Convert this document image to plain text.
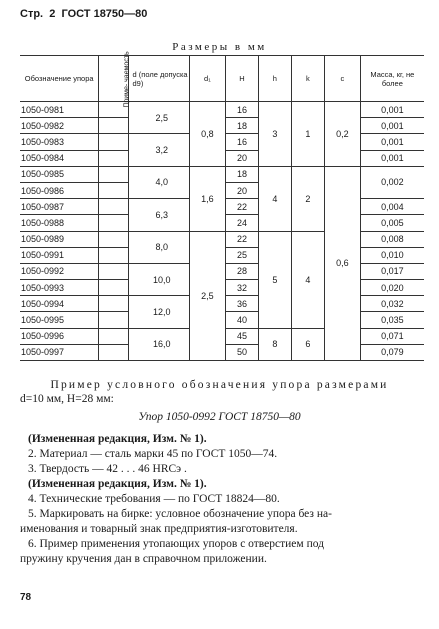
Стр. 2 ГОСТ 18750—80
Размеры в мм
Обозначение упора	Приме- чаемость	d (поле допуска d9)	d₁	H	h	k	c	Масса, кг, не более
1050-0981		2,5	0,8	16	3	1	0,2	0,001
1050-0982				18				0,001
1050-0983		3,2		16				0,001
1050-0984				20				0,001
1050-0985		4,0	1,6	18	4	2	0,6	0,002
1050-0986				20				
1050-0987		6,3		22				0,004
1050-0988				24				0,005
1050-0989		8,0	2,5	22	5	4		0,008
1050-0991				25				0,010
1050-0992		10,0		28				0,017
1050-0993				32				0,020
1050-0994		12,0		36				0,032
1050-0995				40				0,035
1050-0996		16,0		45	8	6		0,071
1050-0997				50				0,079
Пример условного обозначения упора размерами
d=10 мм, H=28 мм:
Упор 1050-0992 ГОСТ 18750—80
(Измененная редакция, Изм. № 1).
2. Материал — сталь марки 45 по ГОСТ 1050—74.
3. Твердость — 42 . . . 46 HRCэ .
(Измененная редакция, Изм. № 1).
4. Технические требования — по ГОСТ 18824—80.
5. Маркировать на бирке: условное обозначение упора без на-
именования и товарный знак предприятия-изготовителя.
6. Пример применения утопающих упоров с отверстием под
пружину кручения дан в справочном приложении.
78
